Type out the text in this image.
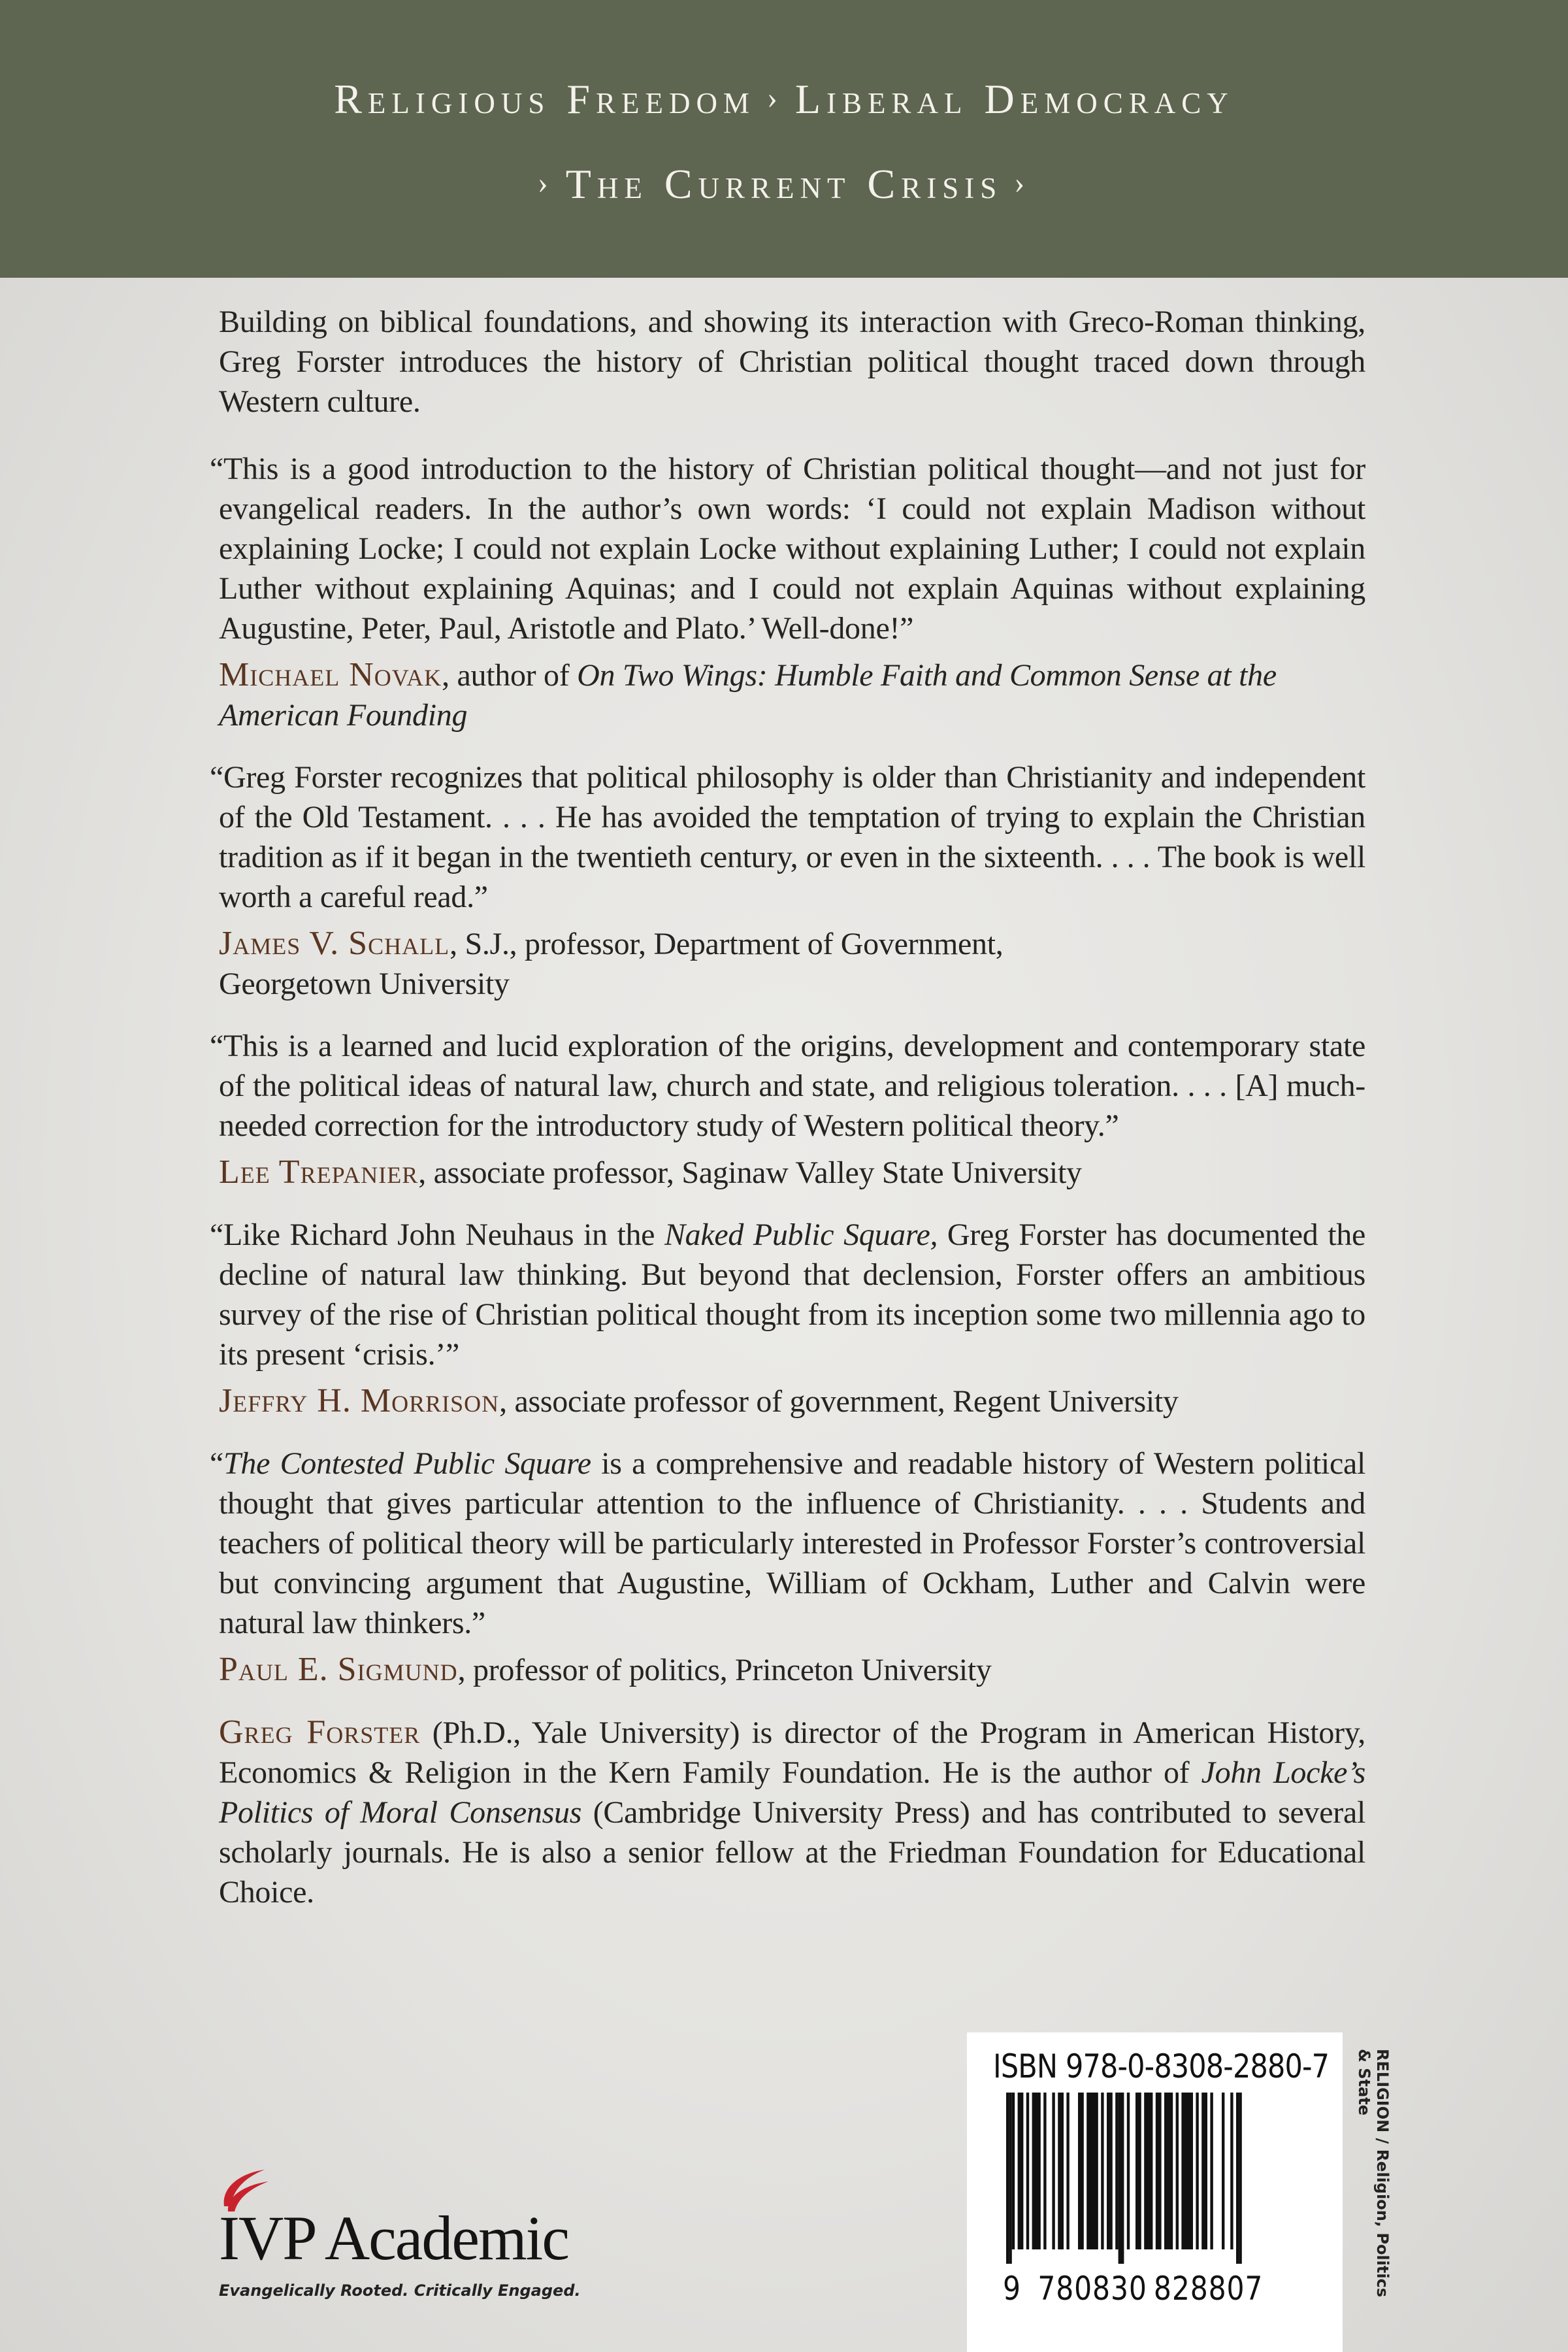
Religious Freedom › Liberal Democracy
› The Current Crisis ›
Building on biblical foundations, and showing its interaction with Greco-Roman thinking, Greg Forster introduces the history of Christian political thought traced down through Western culture.
“This is a good introduction to the history of Christian political thought—and not just for evangelical readers. In the author’s own words: ‘I could not explain Madison without explaining Locke; I could not explain Locke without explaining Luther; I could not explain Luther without explaining Aquinas; and I could not explain Aquinas without explaining Augustine, Peter, Paul, Aristotle and Plato.’ Well-done!”
Michael Novak, author of On Two Wings: Humble Faith and Common Sense at the American Founding
“Greg Forster recognizes that political philosophy is older than Christianity and independent of the Old Testament. . . . He has avoided the temptation of trying to explain the Christian tradition as if it began in the twentieth century, or even in the sixteenth. . . . The book is well worth a careful read.”
James V. Schall, S.J., professor, Department of Government, Georgetown University
“This is a learned and lucid exploration of the origins, development and contemporary state of the political ideas of natural law, church and state, and religious toleration. . . . [A] much-needed correction for the introductory study of Western political theory.”
Lee Trepanier, associate professor, Saginaw Valley State University
“Like Richard John Neuhaus in the Naked Public Square, Greg Forster has documented the decline of natural law thinking. But beyond that declension, Forster offers an ambitious survey of the rise of Christian political thought from its inception some two millennia ago to its present ‘crisis.’”
Jeffry H. Morrison, associate professor of government, Regent University
“The Contested Public Square is a comprehensive and readable history of Western political thought that gives particular attention to the influence of Christianity. . . . Students and teachers of political theory will be particularly interested in Professor Forster’s controversial but convincing argument that Augustine, William of Ockham, Luther and Calvin were natural law thinkers.”
Paul E. Sigmund, professor of politics, Princeton University
Greg Forster (Ph.D., Yale University) is director of the Program in American History, Economics & Religion in the Kern Family Foundation. He is the author of John Locke’s Politics of Moral Consensus (Cambridge University Press) and has contributed to several scholarly journals. He is also a senior fellow at the Friedman Foundation for Educational Choice.
ISBN 978-0-8308-2880-7
9 780830 828807	RELIGION / Religion, Politics
& State
IVP Academic
Evangelically Rooted. Critically Engaged.
